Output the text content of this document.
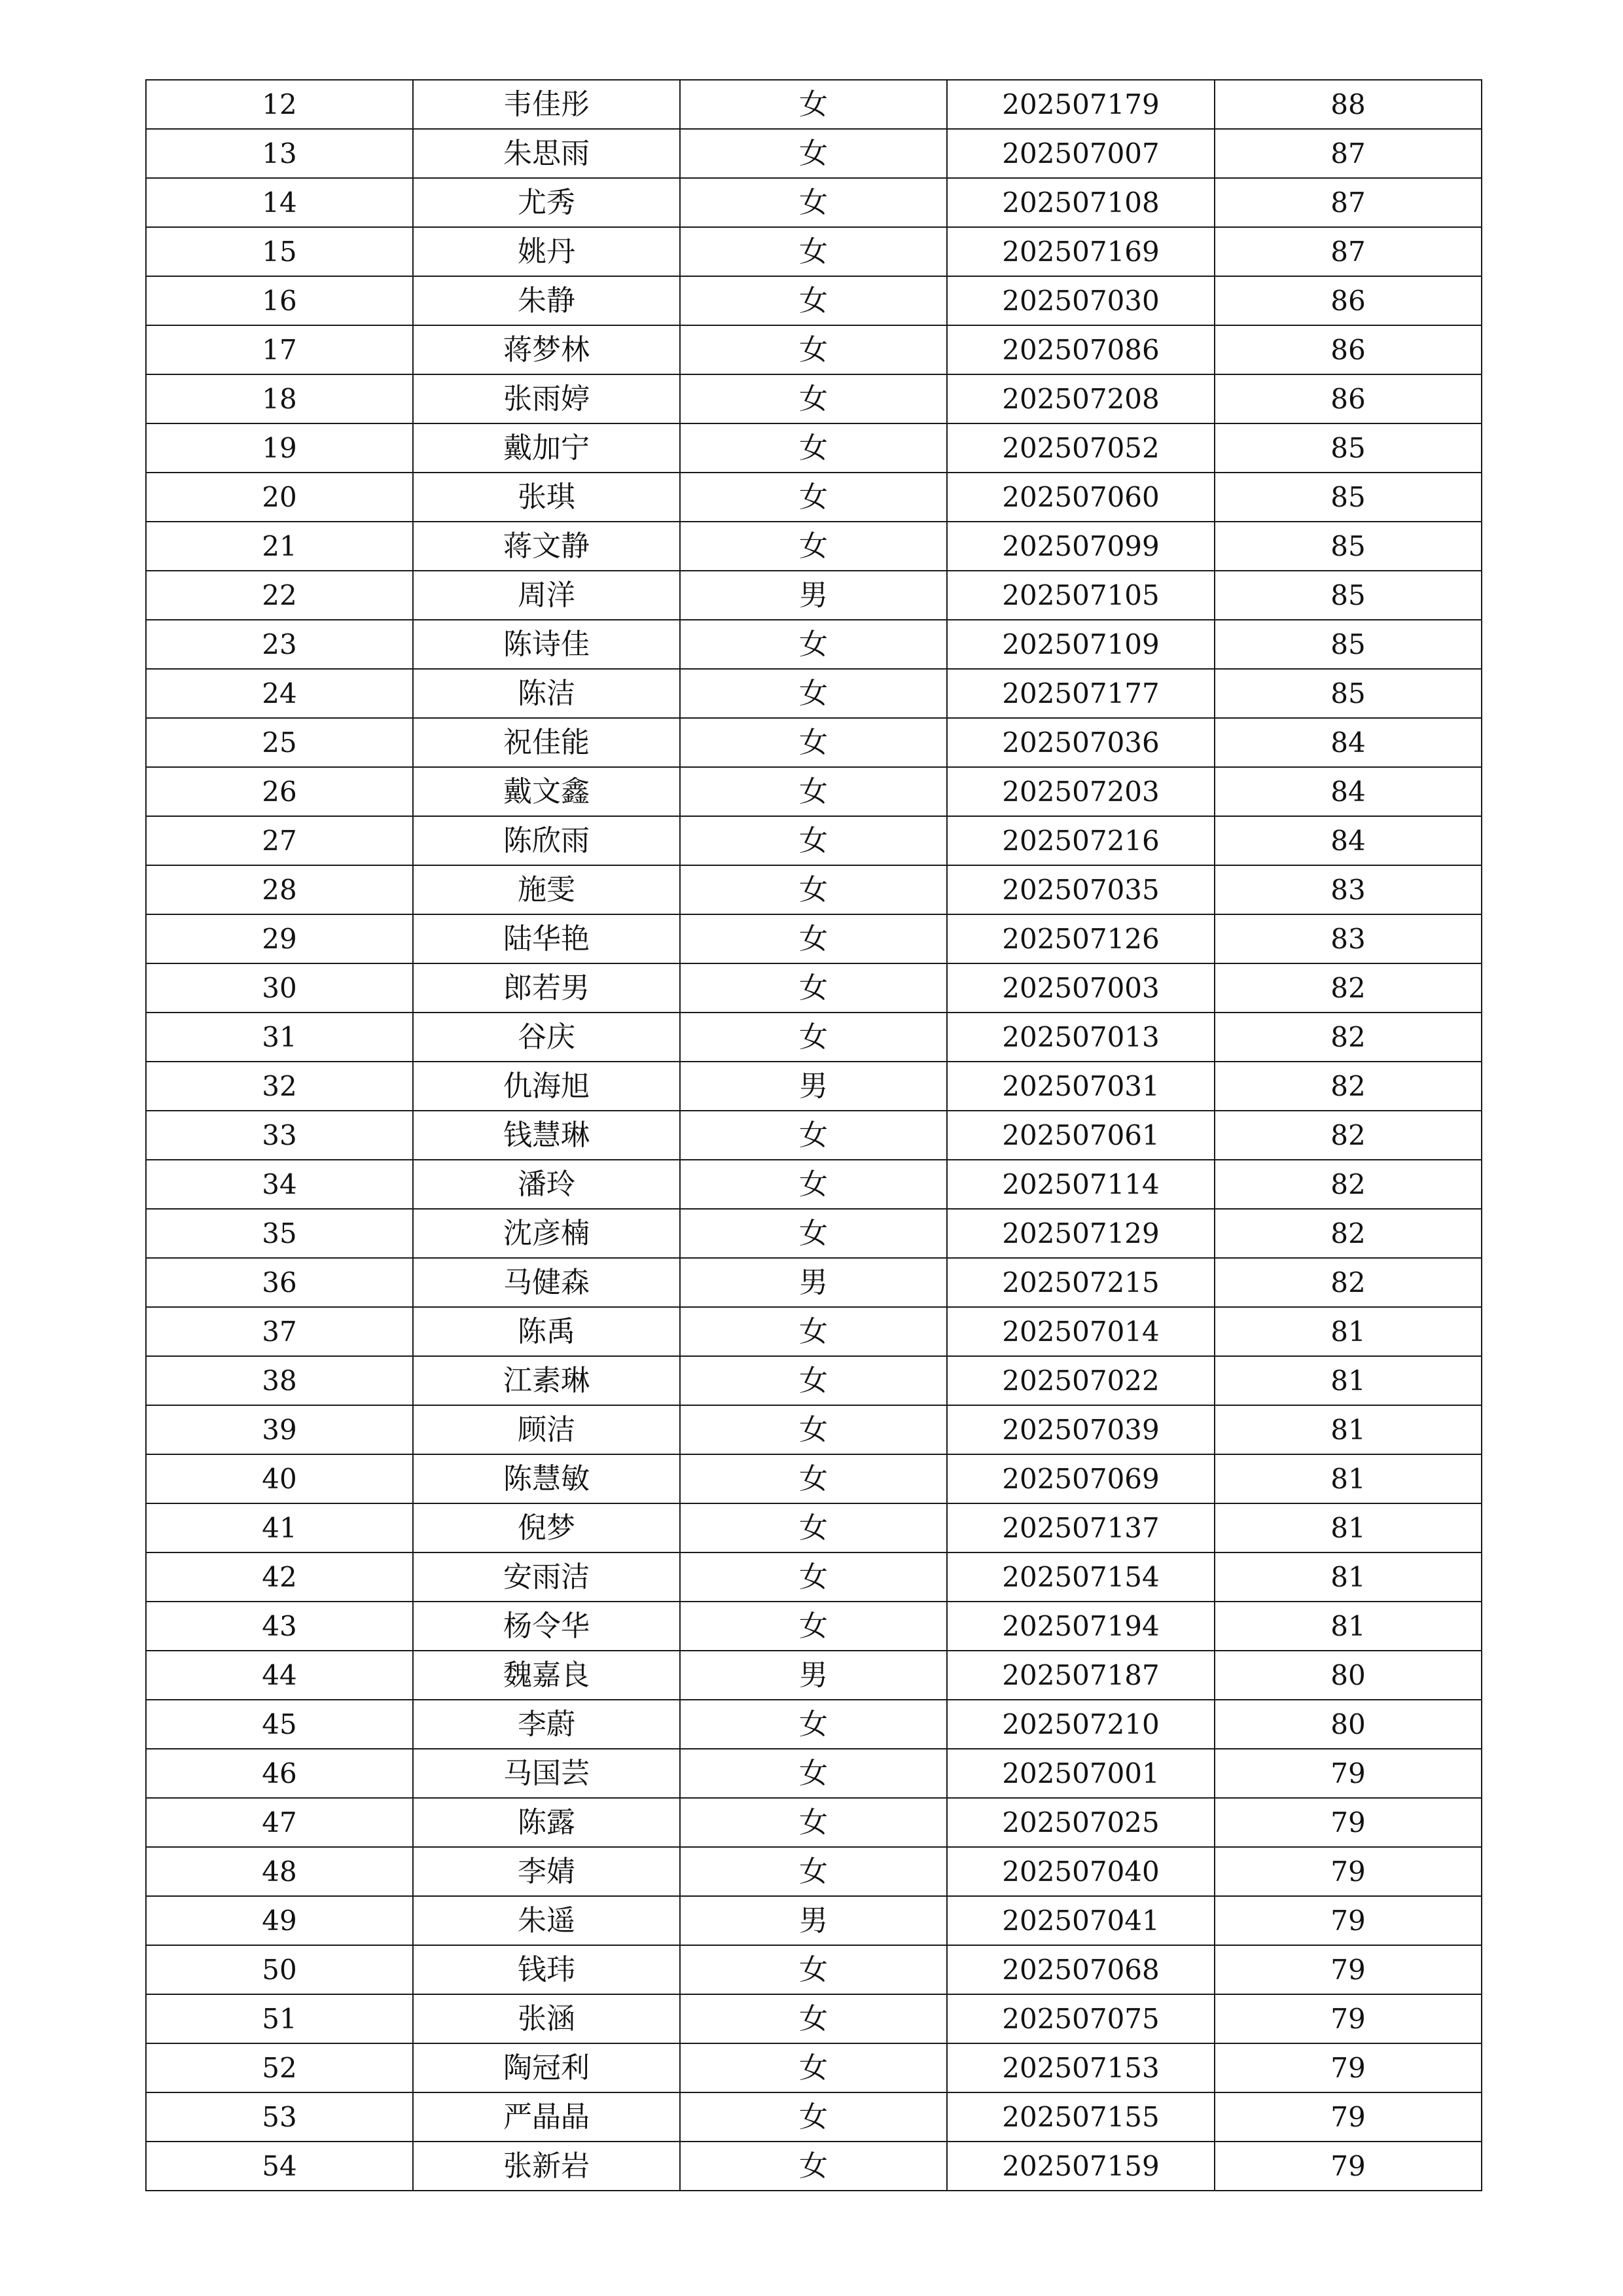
12	韦佳彤	女	202507179	88
13	朱思雨	女	202507007	87
14	尤秀	女	202507108	87
15	姚丹	女	202507169	87
16	朱静	女	202507030	86
17	蒋梦林	女	202507086	86
18	张雨婷	女	202507208	86
19	戴加宁	女	202507052	85
20	张琪	女	202507060	85
21	蒋文静	女	202507099	85
22	周洋	男	202507105	85
23	陈诗佳	女	202507109	85
24	陈洁	女	202507177	85
25	祝佳能	女	202507036	84
26	戴文鑫	女	202507203	84
27	陈欣雨	女	202507216	84
28	施雯	女	202507035	83
29	陆华艳	女	202507126	83
30	郎若男	女	202507003	82
31	谷庆	女	202507013	82
32	仇海旭	男	202507031	82
33	钱慧琳	女	202507061	82
34	潘玲	女	202507114	82
35	沈彦楠	女	202507129	82
36	马健森	男	202507215	82
37	陈禹	女	202507014	81
38	江素琳	女	202507022	81
39	顾洁	女	202507039	81
40	陈慧敏	女	202507069	81
41	倪梦	女	202507137	81
42	安雨洁	女	202507154	81
43	杨令华	女	202507194	81
44	魏嘉良	男	202507187	80
45	李蔚	女	202507210	80
46	马国芸	女	202507001	79
47	陈露	女	202507025	79
48	李婧	女	202507040	79
49	朱遥	男	202507041	79
50	钱玮	女	202507068	79
51	张涵	女	202507075	79
52	陶冠利	女	202507153	79
53	严晶晶	女	202507155	79
54	张新岩	女	202507159	79
